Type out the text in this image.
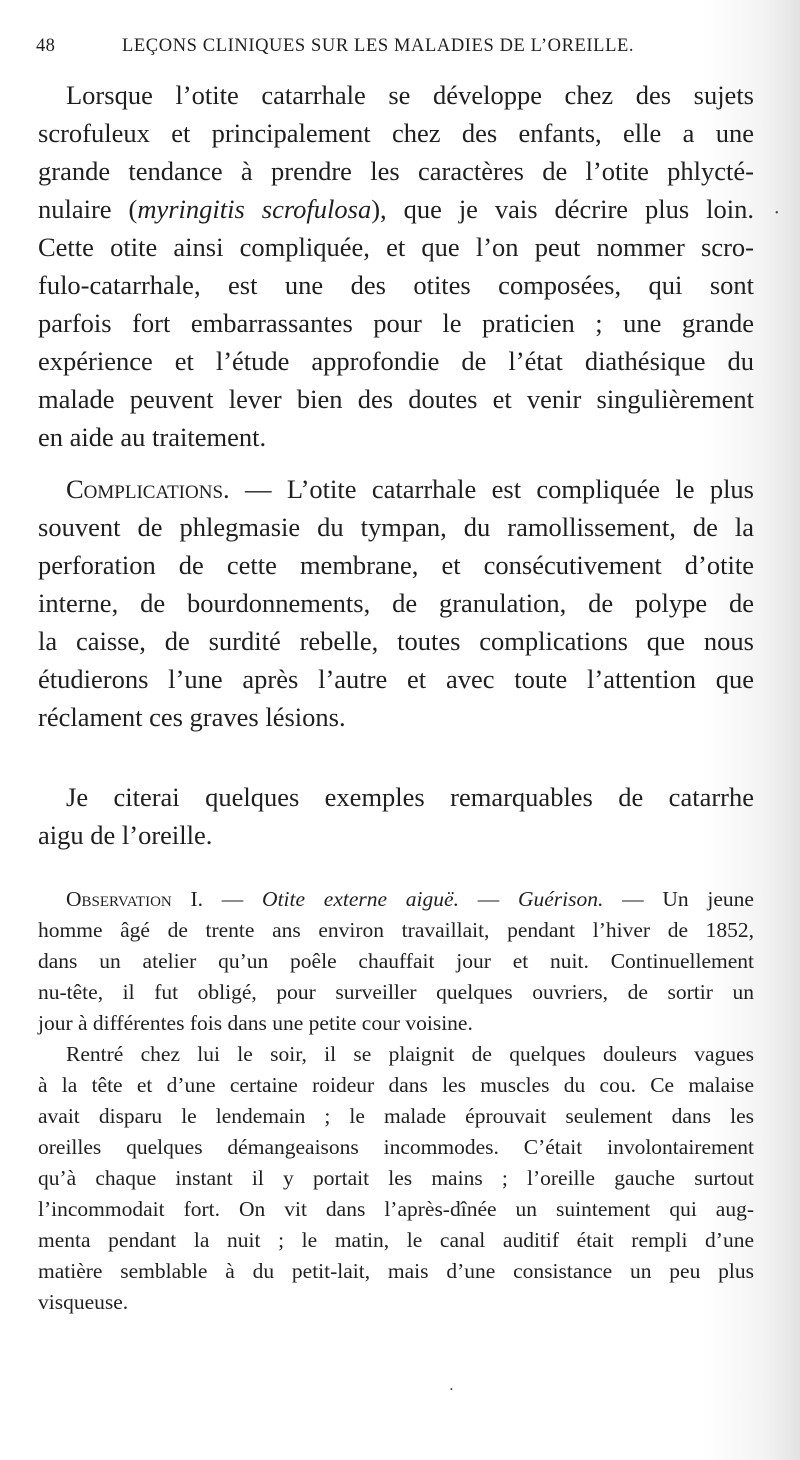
48	LEÇONS CLINIQUES SUR LES MALADIES DE L’OREILLE.
Lorsque l’otite catarrhale se développe chez des sujets
scrofuleux et principalement chez des enfants, elle a une
grande tendance à prendre les caractères de l’otite phlycté-
nulaire (myringitis scrofulosa), que je vais décrire plus loin.
Cette otite ainsi compliquée, et que l’on peut nommer scro-
fulo-catarrhale, est une des otites composées, qui sont
parfois fort embarrassantes pour le praticien ; une grande
expérience et l’étude approfondie de l’état diathésique du
malade peuvent lever bien des doutes et venir singulièrement
en aide au traitement.
Complications. — L’otite catarrhale est compliquée le plus
souvent de phlegmasie du tympan, du ramollissement, de la
perforation de cette membrane, et consécutivement d’otite
interne, de bourdonnements, de granulation, de polype de
la caisse, de surdité rebelle, toutes complications que nous
étudierons l’une après l’autre et avec toute l’attention que
réclament ces graves lésions.
Je citerai quelques exemples remarquables de catarrhe
aigu de l’oreille.
Observation I. — Otite externe aiguë. — Guérison. — Un jeune
homme âgé de trente ans environ travaillait, pendant l’hiver de 1852,
dans un atelier qu’un poêle chauffait jour et nuit. Continuellement
nu-tête, il fut obligé, pour surveiller quelques ouvriers, de sortir un
jour à différentes fois dans une petite cour voisine.
Rentré chez lui le soir, il se plaignit de quelques douleurs vagues
à la tête et d’une certaine roideur dans les muscles du cou. Ce malaise
avait disparu le lendemain ; le malade éprouvait seulement dans les
oreilles quelques démangeaisons incommodes. C’était involontairement
qu’à chaque instant il y portait les mains ; l’oreille gauche surtout
l’incommodait fort. On vit dans l’après-dînée un suintement qui aug-
menta pendant la nuit ; le matin, le canal auditif était rempli d’une
matière semblable à du petit-lait, mais d’une consistance un peu plus
visqueuse.
•
•
